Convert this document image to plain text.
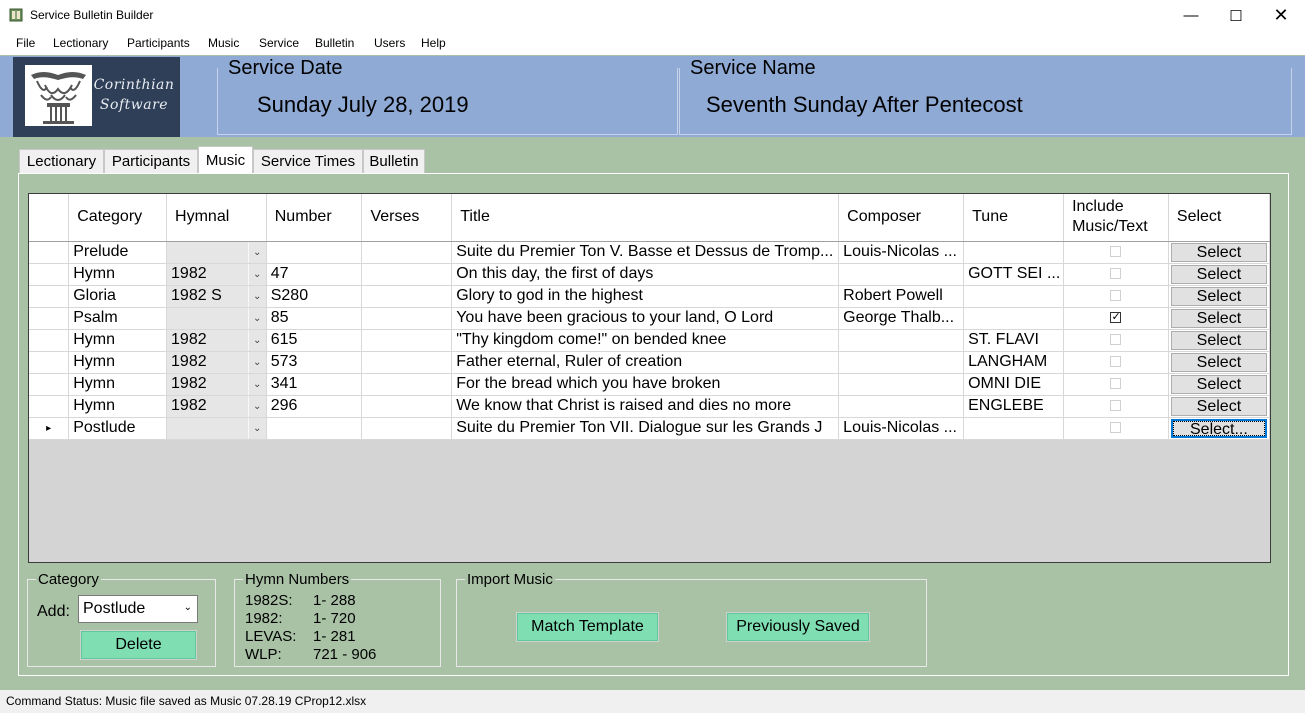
Service Bulletin Builder	—	☐	✕
File Lectionary Participants Music Service Bulletin Users Help
Corinthian
Software
Service Date
Sunday July 28, 2019
Service Name
Seventh Sunday After Pentecost
Lectionary	Participants	Music	Service Times Bulletin
	Category	Hymnal	Number	Verses	Title	Composer	Tune	Include
Music/Text	Select
	Prelude	⌄			Suite du Premier Ton V. Basse et Dessus de Tromp...	Louis-Nicolas ...			Select

	Hymn	1982 ⌄	47		On this day, the first of days		GOTT SEI ...		Select

	Gloria	1982 S ⌄	S280		Glory to god in the highest	Robert Powell			Select

	Psalm	⌄	85		You have been gracious to your land, O Lord	George Thalb...		✓	Select

	Hymn	1982 ⌄	615		"Thy kingdom come!" on bended knee		ST. FLAVI		Select

	Hymn	1982 ⌄	573		Father eternal, Ruler of creation		LANGHAM		Select

	Hymn	1982 ⌄	341		For the bread which you have broken		OMNI DIE		Select

	Hymn	1982 ⌄	296		We know that Christ is raised and dies no more		ENGLEBE		Select

▸	Postlude	⌄			Suite du Premier Ton VII. Dialogue sur les Grands J	Louis-Nicolas ...			Select...
Category
Add: Postlude	⌄
Delete
Hymn Numbers
1982S: 1- 288
1982: 1- 720
LEVAS: 1- 281
WLP: 721 - 906
Import Music
Match Template	Previously Saved
Command Status: Music file saved as Music 07.28.19 CProp12.xlsx
